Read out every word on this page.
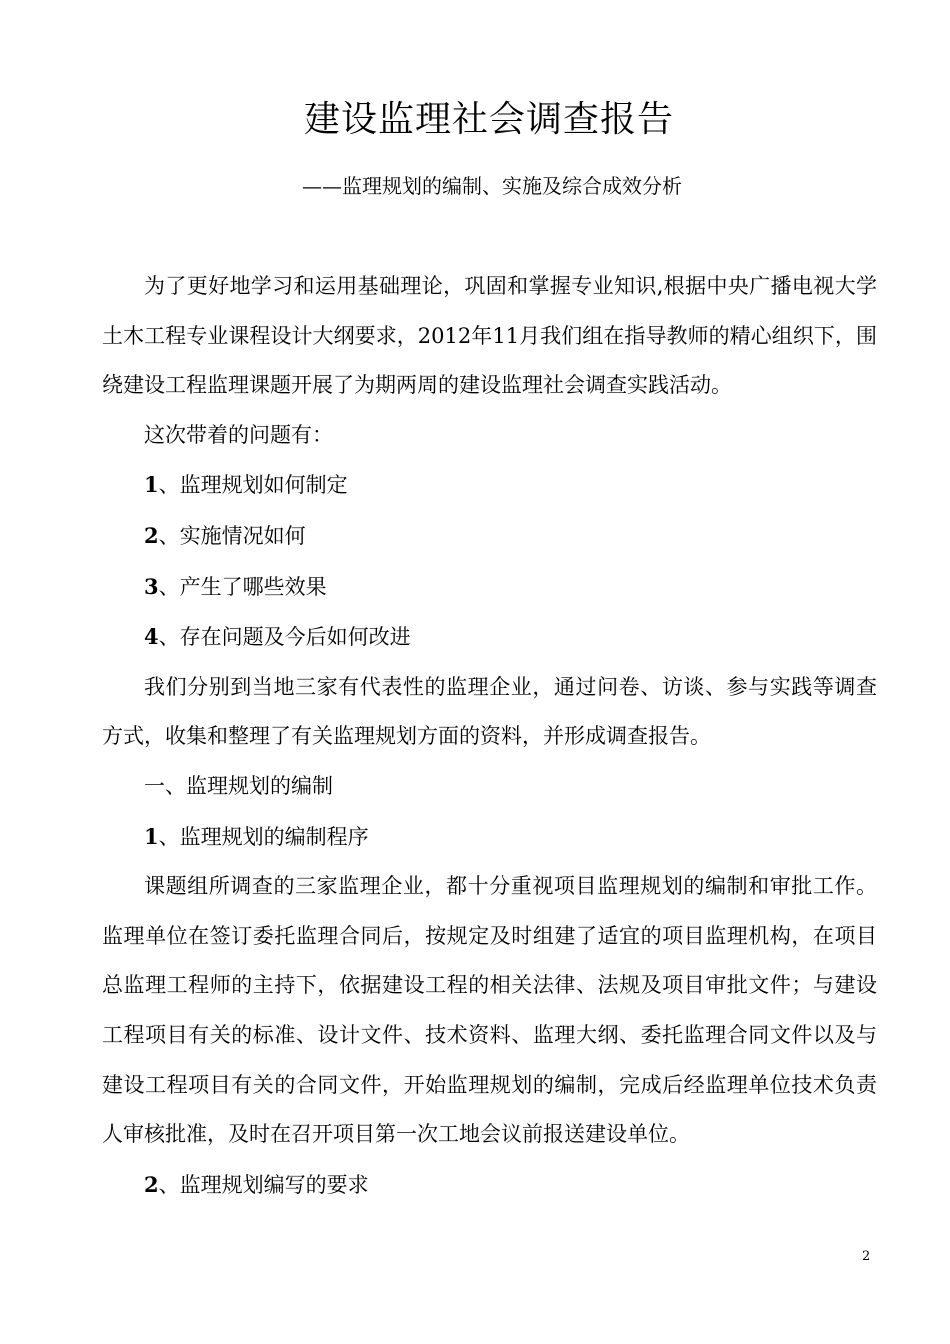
建设监理社会调查报告
——监理规划的编制、实施及综合成效分析

为了更好地学习和运用基础理论，巩固和掌握专业知识,根据中央广播电视大学土木工程专业课程设计大纲要求，2012年11月我们组在指导教师的精心组织下，围绕建设工程监理课题开展了为期两周的建设监理社会调查实践活动。

这次带着的问题有：

1、监理规划如何制定

2、实施情况如何

3、产生了哪些效果

4、存在问题及今后如何改进

我们分别到当地三家有代表性的监理企业，通过问卷、访谈、参与实践等调查方式，收集和整理了有关监理规划方面的资料，并形成调查报告。

一、监理规划的编制

1、监理规划的编制程序

课题组所调查的三家监理企业，都十分重视项目监理规划的编制和审批工作。监理单位在签订委托监理合同后，按规定及时组建了适宜的项目监理机构，在项目总监理工程师的主持下，依据建设工程的相关法律、法规及项目审批文件；与建设工程项目有关的标准、设计文件、技术资料、监理大纲、委托监理合同文件以及与建设工程项目有关的合同文件，开始监理规划的编制，完成后经监理单位技术负责人审核批准，及时在召开项目第一次工地会议前报送建设单位。

2、监理规划编写的要求

2
